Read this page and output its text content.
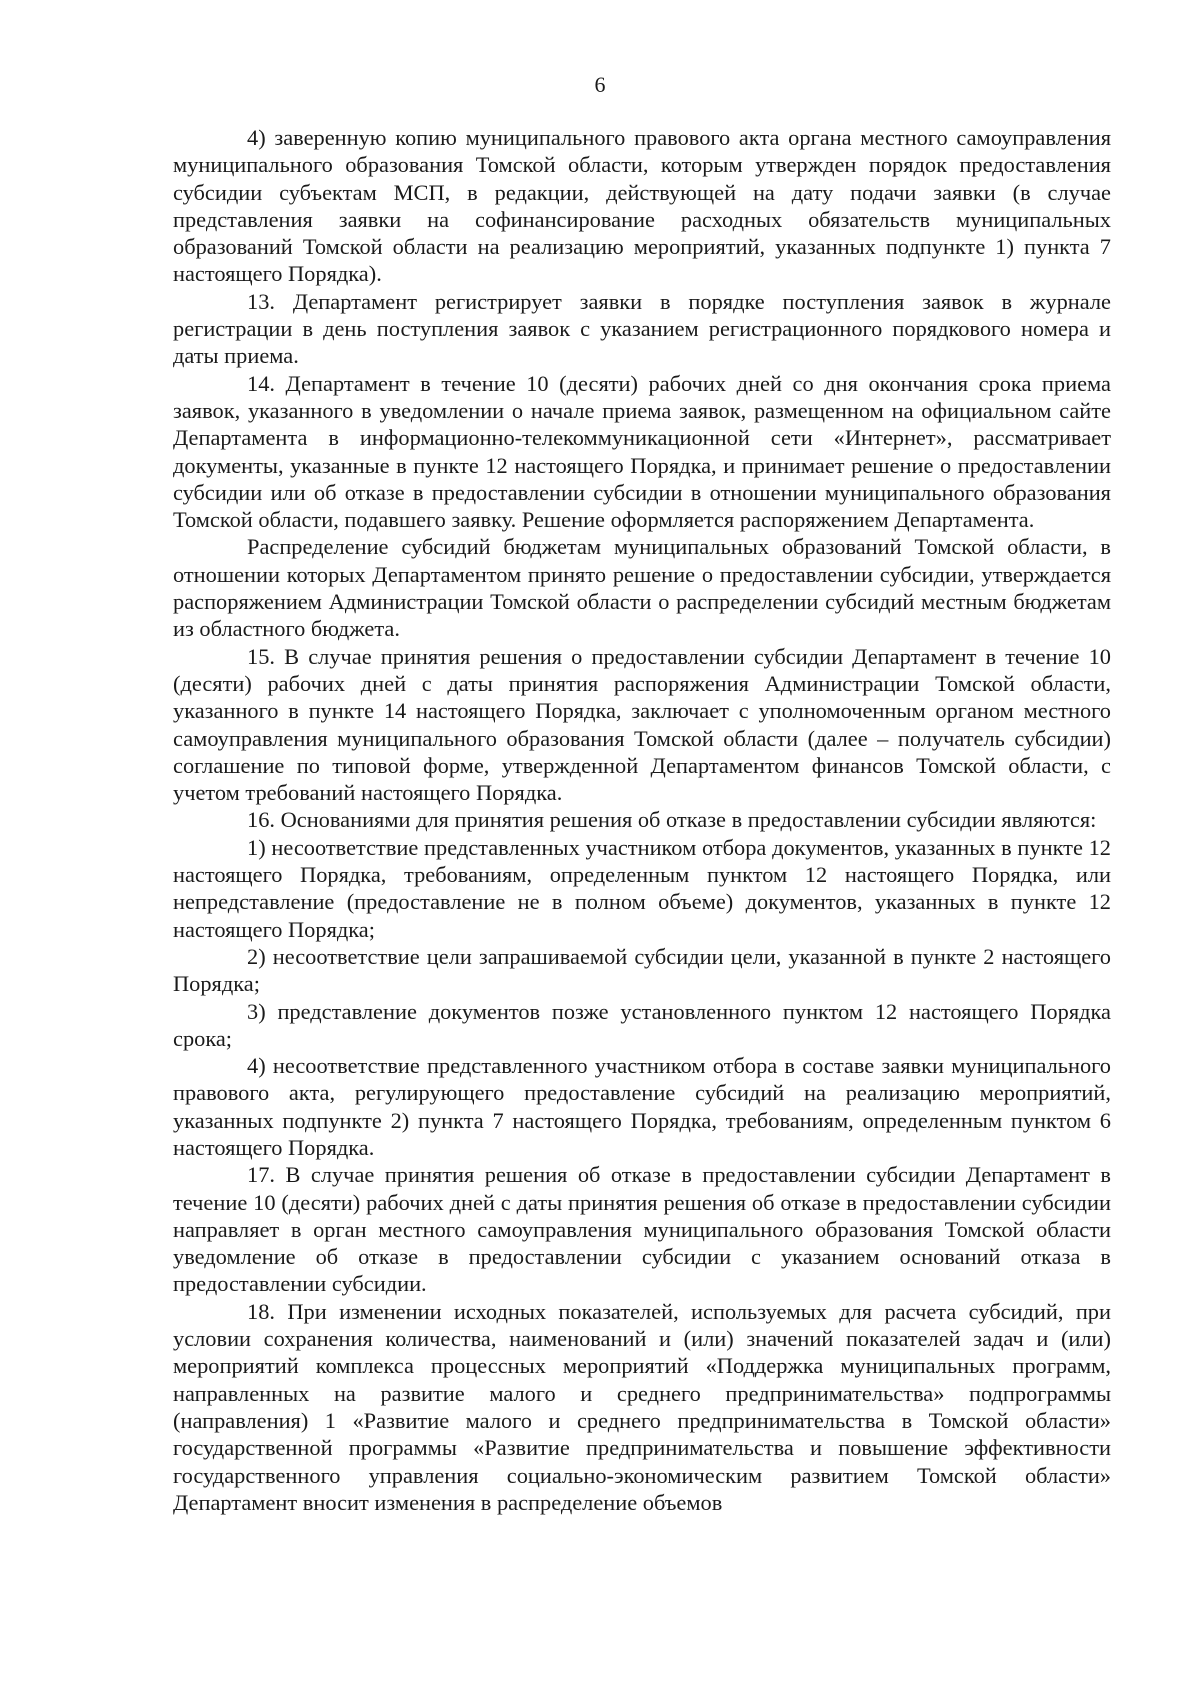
6

4) заверенную копию муниципального правового акта органа местного самоуправления муниципального образования Томской области, которым утвержден порядок предоставления субсидии субъектам МСП, в редакции, действующей на дату подачи заявки (в случае представления заявки на софинансирование расходных обязательств муниципальных образований Томской области на реализацию мероприятий, указанных подпункте 1) пункта 7 настоящего Порядка).

13. Департамент регистрирует заявки в порядке поступления заявок в журнале регистрации в день поступления заявок с указанием регистрационного порядкового номера и даты приема.

14. Департамент в течение 10 (десяти) рабочих дней со дня окончания срока приема заявок, указанного в уведомлении о начале приема заявок, размещенном на официальном сайте Департамента в информационно-телекоммуникационной сети «Интернет», рассматривает документы, указанные в пункте 12 настоящего Порядка, и принимает решение о предоставлении субсидии или об отказе в предоставлении субсидии в отношении муниципального образования Томской области, подавшего заявку. Решение оформляется распоряжением Департамента.

Распределение субсидий бюджетам муниципальных образований Томской области, в отношении которых Департаментом принято решение о предоставлении субсидии, утверждается распоряжением Администрации Томской области о распределении субсидий местным бюджетам из областного бюджета.

15. В случае принятия решения о предоставлении субсидии Департамент в течение 10 (десяти) рабочих дней с даты принятия распоряжения Администрации Томской области, указанного в пункте 14 настоящего Порядка, заключает с уполномоченным органом местного самоуправления муниципального образования Томской области (далее – получатель субсидии) соглашение по типовой форме, утвержденной Департаментом финансов Томской области, с учетом требований настоящего Порядка.

16. Основаниями для принятия решения об отказе в предоставлении субсидии являются:

1) несоответствие представленных участником отбора документов, указанных в пункте 12 настоящего Порядка, требованиям, определенным пунктом 12 настоящего Порядка, или непредставление (предоставление не в полном объеме) документов, указанных в пункте 12 настоящего Порядка;

2) несоответствие цели запрашиваемой субсидии цели, указанной в пункте 2 настоящего Порядка;

3) представление документов позже установленного пунктом 12 настоящего Порядка срока;

4) несоответствие представленного участником отбора в составе заявки муниципального правового акта, регулирующего предоставление субсидий на реализацию мероприятий, указанных подпункте 2) пункта 7 настоящего Порядка, требованиям, определенным пунктом 6 настоящего Порядка.

17. В случае принятия решения об отказе в предоставлении субсидии Департамент в течение 10 (десяти) рабочих дней с даты принятия решения об отказе в предоставлении субсидии направляет в орган местного самоуправления муниципального образования Томской области уведомление об отказе в предоставлении субсидии с указанием оснований отказа в предоставлении субсидии.

18. При изменении исходных показателей, используемых для расчета субсидий, при условии сохранения количества, наименований и (или) значений показателей задач и (или) мероприятий комплекса процессных мероприятий «Поддержка муниципальных программ, направленных на развитие малого и среднего предпринимательства» подпрограммы (направления) 1 «Развитие малого и среднего предпринимательства в Томской области» государственной программы «Развитие предпринимательства и повышение эффективности государственного управления социально-экономическим развитием Томской области» Департамент вносит изменения в распределение объемов
